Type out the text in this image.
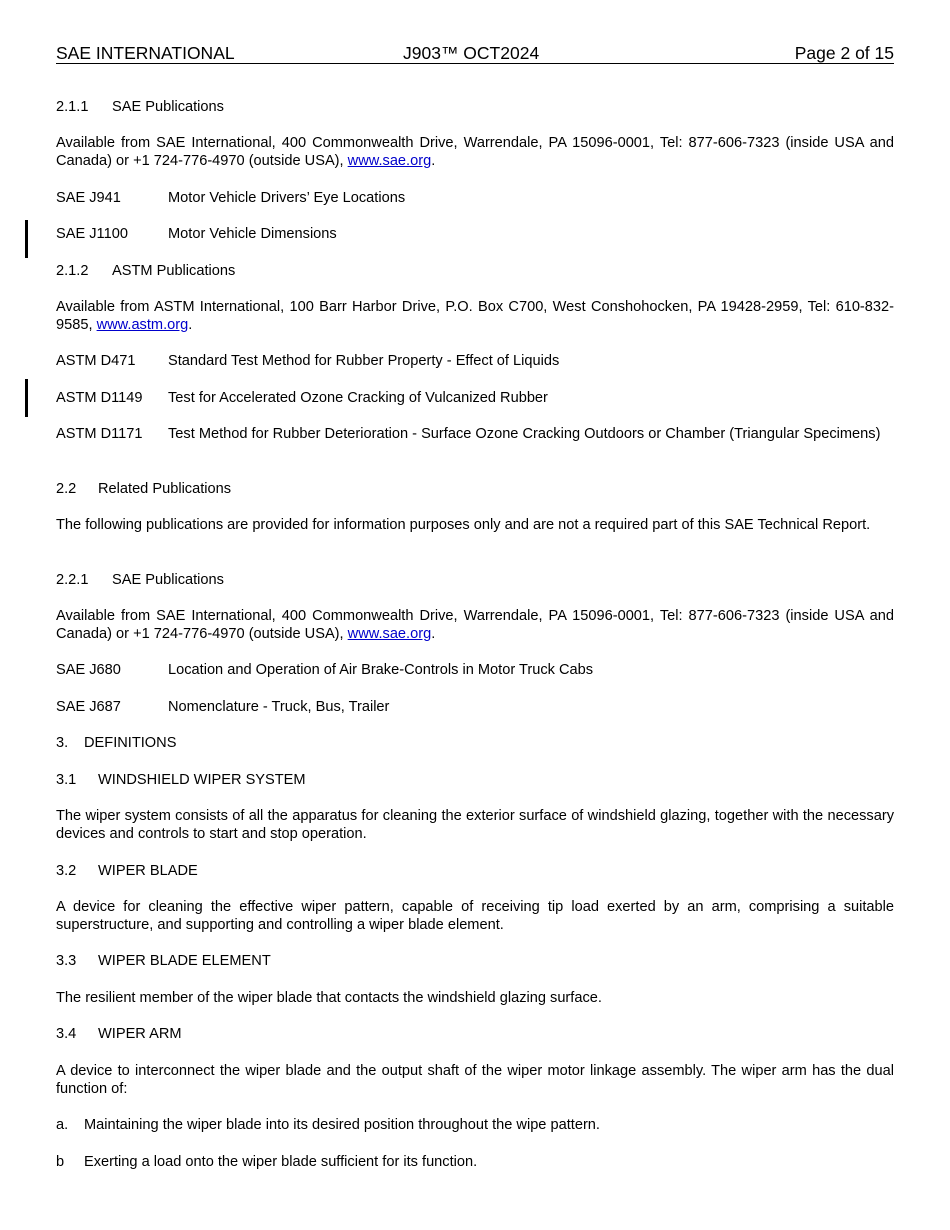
SAE INTERNATIONAL	J903™ OCT2024	Page 2 of 15
2.1.1 SAE Publications
Available from SAE International, 400 Commonwealth Drive, Warrendale, PA 15096-0001, Tel: 877-606-7323 (inside USA and Canada) or +1 724-776-4970 (outside USA), www.sae.org.
SAE J941	Motor Vehicle Drivers’ Eye Locations
SAE J1100	Motor Vehicle Dimensions
2.1.2 ASTM Publications
Available from ASTM International, 100 Barr Harbor Drive, P.O. Box C700, West Conshohocken, PA 19428-2959, Tel: 610-832-9585, www.astm.org.
ASTM D471 Standard Test Method for Rubber Property - Effect of Liquids
ASTM D1149 Test for Accelerated Ozone Cracking of Vulcanized Rubber
ASTM D1171 Test Method for Rubber Deterioration - Surface Ozone Cracking Outdoors or Chamber (Triangular Specimens)
2.2 Related Publications
The following publications are provided for information purposes only and are not a required part of this SAE Technical Report.
2.2.1 SAE Publications
Available from SAE International, 400 Commonwealth Drive, Warrendale, PA 15096-0001, Tel: 877-606-7323 (inside USA and Canada) or +1 724-776-4970 (outside USA), www.sae.org.
SAE J680	Location and Operation of Air Brake-Controls in Motor Truck Cabs
SAE J687	Nomenclature - Truck, Bus, Trailer
3. DEFINITIONS
3.1 WINDSHIELD WIPER SYSTEM
The wiper system consists of all the apparatus for cleaning the exterior surface of windshield glazing, together with the necessary devices and controls to start and stop operation.
3.2 WIPER BLADE
A device for cleaning the effective wiper pattern, capable of receiving tip load exerted by an arm, comprising a suitable superstructure, and supporting and controlling a wiper blade element.
3.3 WIPER BLADE ELEMENT
The resilient member of the wiper blade that contacts the windshield glazing surface.
3.4 WIPER ARM
A device to interconnect the wiper blade and the output shaft of the wiper motor linkage assembly. The wiper arm has the dual function of:
a. Maintaining the wiper blade into its desired position throughout the wipe pattern.
b Exerting a load onto the wiper blade sufficient for its function.
